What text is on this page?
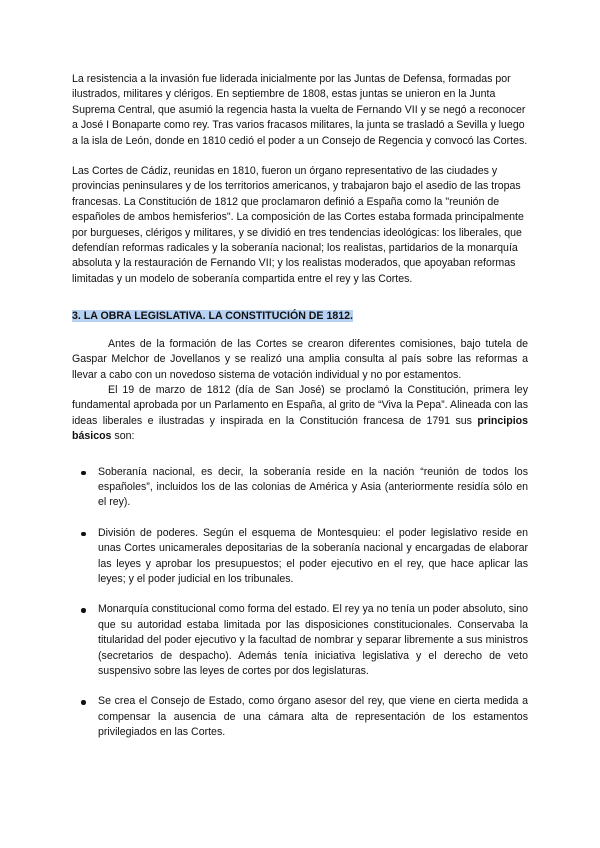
La resistencia a la invasión fue liderada inicialmente por las Juntas de Defensa, formadas por ilustrados, militares y clérigos. En septiembre de 1808, estas juntas se unieron en la Junta Suprema Central, que asumió la regencia hasta la vuelta de Fernando VII y se negó a reconocer a José I Bonaparte como rey. Tras varios fracasos militares, la junta se trasladó a Sevilla y luego a la isla de León, donde en 1810 cedió el poder a un Consejo de Regencia y convocó las Cortes.

Las Cortes de Cádiz, reunidas en 1810, fueron un órgano representativo de las ciudades y provincias peninsulares y de los territorios americanos, y trabajaron bajo el asedio de las tropas francesas. La Constitución de 1812 que proclamaron definió a España como la "reunión de españoles de ambos hemisferios". La composición de las Cortes estaba formada principalmente por burgueses, clérigos y militares, y se dividió en tres tendencias ideológicas: los liberales, que defendían reformas radicales y la soberanía nacional; los realistas, partidarios de la monarquía absoluta y la restauración de Fernando VII; y los realistas moderados, que apoyaban reformas limitadas y un modelo de soberanía compartida entre el rey y las Cortes.

3. LA OBRA LEGISLATIVA. LA CONSTITUCIÓN DE 1812.

Antes de la formación de las Cortes se crearon diferentes comisiones, bajo tutela de Gaspar Melchor de Jovellanos y se realizó una amplia consulta al país sobre las reformas a llevar a cabo con un novedoso sistema de votación individual y no por estamentos.

El 19 de marzo de 1812 (día de San José) se proclamó la Constitución, primera ley fundamental aprobada por un Parlamento en España, al grito de “Viva la Pepa”. Alineada con las ideas liberales e ilustradas y inspirada en la Constitución francesa de 1791 sus principios básicos son:

Soberanía nacional, es decir, la soberanía reside en la nación “reunión de todos los españoles”, incluidos los de las colonias de América y Asia (anteriormente residía sólo en el rey).
División de poderes. Según el esquema de Montesquieu: el poder legislativo reside en unas Cortes unicamerales depositarias de la soberanía nacional y encargadas de elaborar las leyes y aprobar los presupuestos; el poder ejecutivo en el rey, que hace aplicar las leyes; y el poder judicial en los tribunales.
Monarquía constitucional como forma del estado. El rey ya no tenía un poder absoluto, sino que su autoridad estaba limitada por las disposiciones constitucionales. Conservaba la titularidad del poder ejecutivo y la facultad de nombrar y separar libremente a sus ministros (secretarios de despacho). Además tenía iniciativa legislativa y el derecho de veto suspensivo sobre las leyes de cortes por dos legislaturas.
Se crea el Consejo de Estado, como órgano asesor del rey, que viene en cierta medida a compensar la ausencia de una cámara alta de representación de los estamentos privilegiados en las Cortes.
